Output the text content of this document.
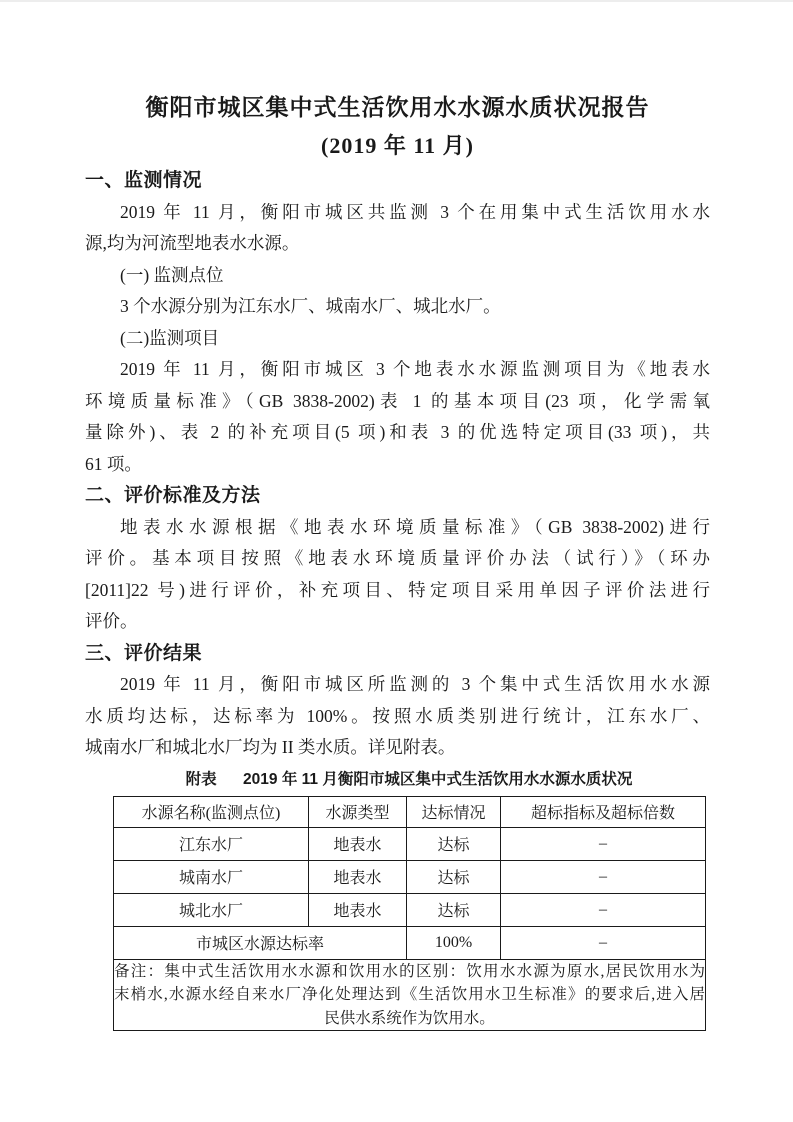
衡阳市城区集中式生活饮用水水源水质状况报告
(2019 年 11 月)
一、监测情况
2019 年 11 月，衡阳市城区共监测 3 个在用集中式生活饮用水水
源,均为河流型地表水水源。
(一) 监测点位
3 个水源分别为江东水厂、城南水厂、城北水厂。
(二)监测项目
2019 年 11 月，衡阳市城区 3 个地表水水源监测项目为《地表水
环境质量标准》（GB 3838-2002)表 1 的基本项目(23 项，化学需氧
量除外)、表 2 的补充项目(5 项)和表 3 的优选特定项目(33 项)，共
61 项。
二、评价标准及方法
地表水水源根据《地表水环境质量标准》（GB 3838-2002)进行
评价。基本项目按照《地表水环境质量评价办法（试行）》（环办
[2011]22 号)进行评价，补充项目、特定项目采用单因子评价法进行
评价。
三、评价结果
2019 年 11 月，衡阳市城区所监测的 3 个集中式生活饮用水水源
水质均达标，达标率为 100%。按照水质类别进行统计，江东水厂、
城南水厂和城北水厂均为 II 类水质。详见附表。
附表 2019 年 11 月衡阳市城区集中式生活饮用水水源水质状况
水源名称(监测点位)	水源类型	达标情况	超标指标及超标倍数
江东水厂	地表水	达标	–
城南水厂	地表水	达标	–
城北水厂	地表水	达标	–
市城区水源达标率		100%	–

备注：集中式生活饮用水水源和饮用水的区别：饮用水水源为原水,居民饮用水为
末梢水,水源水经自来水厂净化处理达到《生活饮用水卫生标准》的要求后,进入居
民供水系统作为饮用水。			
